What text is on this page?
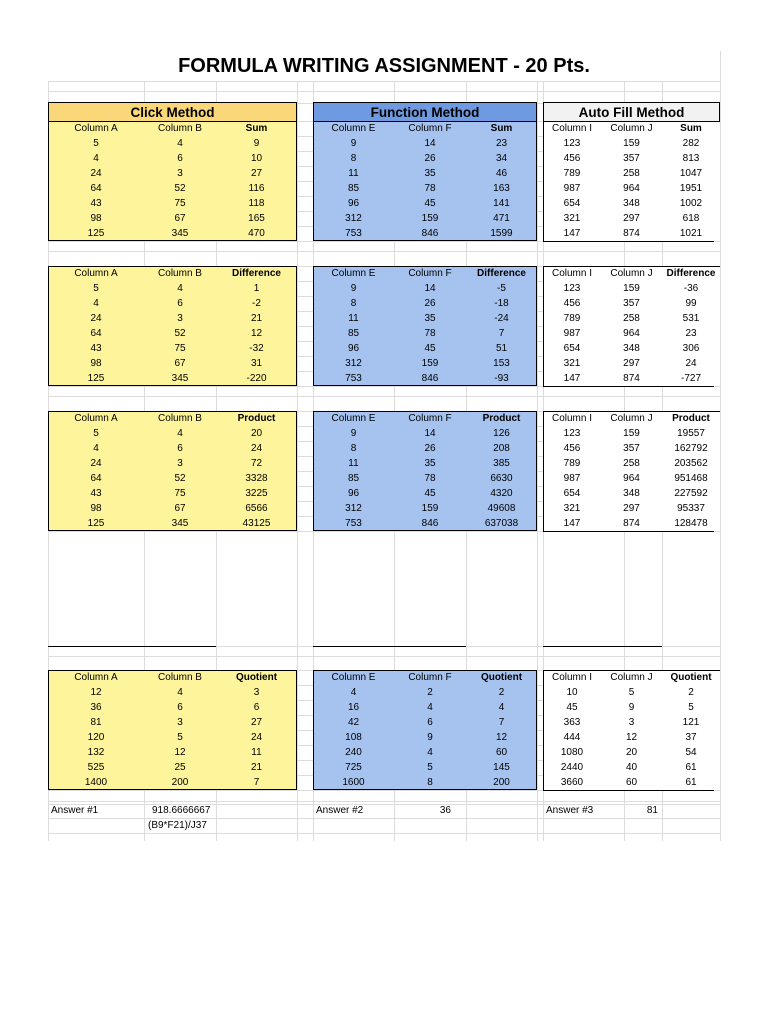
FORMULA WRITING ASSIGNMENT - 20 Pts.
Click Method
Column A	Column B	Sum
5	4	9
4	6	10
24	3	27
64	52	116
43	75	118
98	67	165
125	345	470
Function Method
Column E	Column F	Sum
9	14	23
8	26	34
11	35	46
85	78	163
96	45	141
312	159	471
753	846	1599
Auto Fill Method
Column I	Column J	Sum
123	159	282
456	357	813
789	258	1047
987	964	1951
654	348	1002
321	297	618
147	874	1021
Column A	Column B	Difference
5	4	1
4	6	-2
24	3	21
64	52	12
43	75	-32
98	67	31
125	345	-220
Column E	Column F	Difference
9	14	-5
8	26	-18
11	35	-24
85	78	7
96	45	51
312	159	153
753	846	-93
Column I	Column J	Difference
123	159	-36
456	357	99
789	258	531
987	964	23
654	348	306
321	297	24
147	874	-727
Column A	Column B	Product
5	4	20
4	6	24
24	3	72
64	52	3328
43	75	3225
98	67	6566
125	345	43125
Column E	Column F	Product
9	14	126
8	26	208
11	35	385
85	78	6630
96	45	4320
312	159	49608
753	846	637038
Column I	Column J	Product
123	159	19557
456	357	162792
789	258	203562
987	964	951468
654	348	227592
321	297	95337
147	874	128478
Column A	Column B	Quotient
12	4	3
36	6	6
81	3	27
120	5	24
132	12	11
525	25	21
1400	200	7
Column E	Column F	Quotient
4	2	2
16	4	4
42	6	7
108	9	12
240	4	60
725	5	145
1600	8	200
Column I	Column J	Quotient
10	5	2
45	9	5
363	3	121
444	12	37
1080	20	54
2440	40	61
3660	60	61
Answer #1	918.6666667
(B9*F21)/J37
Answer #2	36	Answer #3	81
